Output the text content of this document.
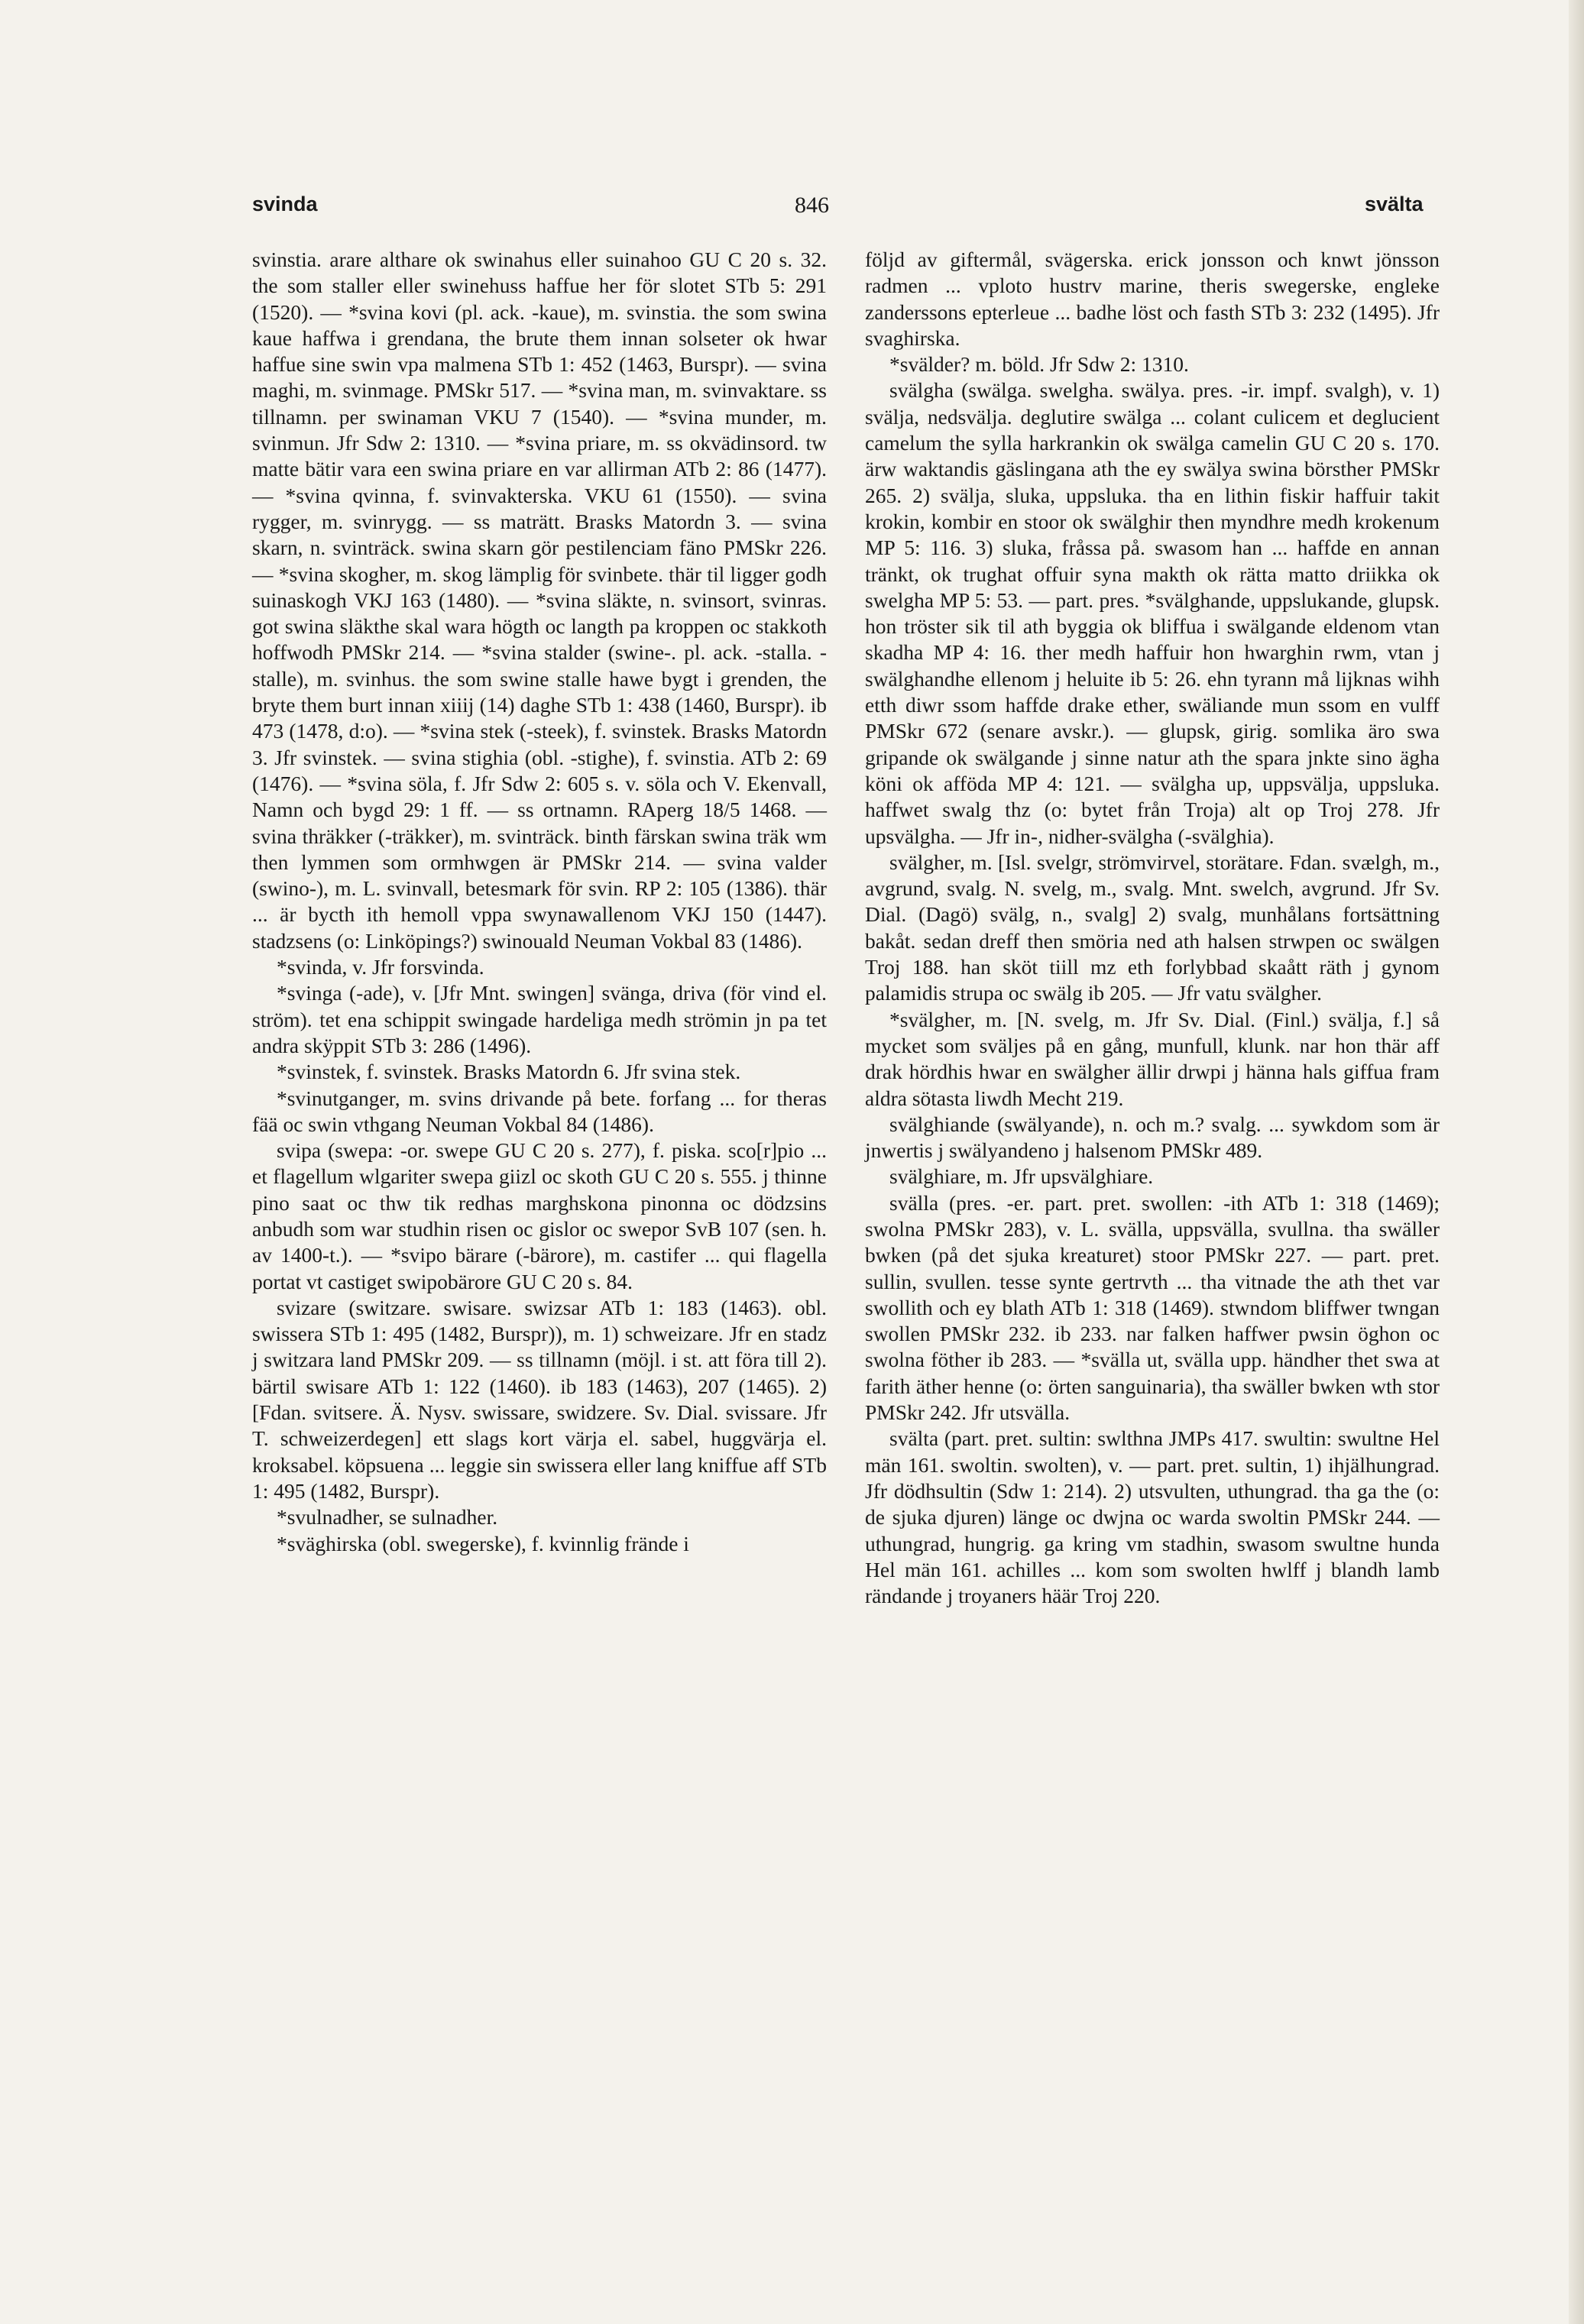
svinda	846	svälta

svinstia. arare althare ok swinahus eller suinahoo GU C 20 s. 32. the som staller eller swinehuss haffue her för slotet STb 5: 291 (1520). — *svina kovi (pl. ack. -kaue), m. svinstia. the som swina kaue haffwa i grendana, the brute them innan solseter ok hwar haffue sine swin vpa malmena STb 1: 452 (1463, Burspr). — svina maghi, m. svinmage. PMSkr 517. — *svina man, m. svinvaktare. ss tillnamn. per swinaman VKU 7 (1540). — *svina munder, m. svinmun. Jfr Sdw 2: 1310. — *svina priare, m. ss okvädinsord. tw matte bätir vara een swina priare en var allirman ATb 2: 86 (1477). — *svina qvinna, f. svinvakterska. VKU 61 (1550). — svina rygger, m. svinrygg. — ss maträtt. Brasks Matordn 3. — svina skarn, n. svinträck. swina skarn gör pestilenciam fäno PMSkr 226. — *svina skogher, m. skog lämplig för svinbete. thär til ligger godh suinaskogh VKJ 163 (1480). — *svina släkte, n. svinsort, svinras. got swina släkthe skal wara högth oc langth pa kroppen oc stakkoth hoffwodh PMSkr 214. — *svina stalder (swine-. pl. ack. -stalla. -stalle), m. svinhus. the som swine stalle hawe bygt i grenden, the bryte them burt innan xiiij (14) daghe STb 1: 438 (1460, Burspr). ib 473 (1478, d:o). — *svina stek (-steek), f. svinstek. Brasks Matordn 3. Jfr svinstek. — svina stighia (obl. -stighe), f. svinstia. ATb 2: 69 (1476). — *svina söla, f. Jfr Sdw 2: 605 s. v. söla och V. Ekenvall, Namn och bygd 29: 1 ff. — ss ortnamn. RAperg 18/5 1468. — svina thräkker (-träkker), m. svinträck. binth färskan swina träk wm then lymmen som ormhwgen är PMSkr 214. — svina valder (swino-), m. L. svinvall, betesmark för svin. RP 2: 105 (1386). thär ... är bycth ith hemoll vppa swynawallenom VKJ 150 (1447). stadzsens (o: Linköpings?) swinouald Neuman Vokbal 83 (1486).

*svinda, v. Jfr forsvinda.

*svinga (-ade), v. [Jfr Mnt. swingen] svänga, driva (för vind el. ström). tet ena schippit swingade hardeliga medh strömin jn pa tet andra skÿppit STb 3: 286 (1496).

*svinstek, f. svinstek. Brasks Matordn 6. Jfr svina stek.

*svinutganger, m. svins drivande på bete. forfang ... for theras fää oc swin vthgang Neuman Vokbal 84 (1486).

svipa (swepa: -or. swepe GU C 20 s. 277), f. piska. sco[r]pio ... et flagellum wlgariter swepa giizl oc skoth GU C 20 s. 555. j thinne pino saat oc thw tik redhas marghskona pinonna oc dödzsins anbudh som war studhin risen oc gislor oc swepor SvB 107 (sen. h. av 1400-t.). — *svipo bärare (-bärore), m. castifer ... qui flagella portat vt castiget swipobärore GU C 20 s. 84.

svizare (switzare. swisare. swizsar ATb 1: 183 (1463). obl. swissera STb 1: 495 (1482, Burspr)), m. 1) schweizare. Jfr en stadz j switzara land PMSkr 209. — ss tillnamn (möjl. i st. att föra till 2). bärtil swisare ATb 1: 122 (1460). ib 183 (1463), 207 (1465). 2) [Fdan. svitsere. Ä. Nysv. swissare, swidzere. Sv. Dial. svissare. Jfr T. schweizerdegen] ett slags kort värja el. sabel, huggvärja el. kroksabel. köpsuena ... leggie sin swissera eller lang kniffue aff STb 1: 495 (1482, Burspr).

*svulnadher, se sulnadher.

*sväghirska (obl. swegerske), f. kvinnlig frände i

följd av giftermål, svägerska. erick jonsson och knwt jönsson radmen ... vploto hustrv marine, theris swegerske, engleke zanderssons epterleue ... badhe löst och fasth STb 3: 232 (1495). Jfr svaghirska.

*svälder? m. böld. Jfr Sdw 2: 1310.

svälgha (swälga. swelgha. swälya. pres. -ir. impf. svalgh), v. 1) svälja, nedsvälja. deglutire swälga ... colant culicem et deglucient camelum the sylla harkrankin ok swälga camelin GU C 20 s. 170. ärw waktandis gäslingana ath the ey swälya swina börsther PMSkr 265. 2) svälja, sluka, uppsluka. tha en lithin fiskir haffuir takit krokin, kombir en stoor ok swälghir then myndhre medh krokenum MP 5: 116. 3) sluka, fråssa på. swasom han ... haffde en annan tränkt, ok trughat offuir syna makth ok rätta matto driikka ok swelgha MP 5: 53. — part. pres. *svälghande, uppslukande, glupsk. hon tröster sik til ath byggia ok bliffua i swälgande eldenom vtan skadha MP 4: 16. ther medh haffuir hon hwarghin rwm, vtan j swälghandhe ellenom j heluite ib 5: 26. ehn tyrann må lijknas wihh etth diwr ssom haffde drake ether, swäliande mun ssom en vulff PMSkr 672 (senare avskr.). — glupsk, girig. somlika äro swa gripande ok swälgande j sinne natur ath the spara jnkte sino ägha köni ok afföda MP 4: 121. — svälgha up, uppsvälja, uppsluka. haffwet swalg thz (o: bytet från Troja) alt op Troj 278. Jfr upsvälgha. — Jfr in-, nidher-svälgha (-svälghia).

svälgher, m. [Isl. svelgr, strömvirvel, storätare. Fdan. svælgh, m., avgrund, svalg. N. svelg, m., svalg. Mnt. swelch, avgrund. Jfr Sv. Dial. (Dagö) svälg, n., svalg] 2) svalg, munhålans fortsättning bakåt. sedan dreff then smöria ned ath halsen strwpen oc swälgen Troj 188. han sköt tiill mz eth forlybbad skaått räth j gynom palamidis strupa oc swälg ib 205. — Jfr vatu svälgher.

*svälgher, m. [N. svelg, m. Jfr Sv. Dial. (Finl.) svälja, f.] så mycket som sväljes på en gång, munfull, klunk. nar hon thär aff drak hördhis hwar en swälgher ällir drwpi j hänna hals giffua fram aldra sötasta liwdh Mecht 219.

svälghiande (swälyande), n. och m.? svalg. ... sywkdom som är jnwertis j swälyandeno j halsenom PMSkr 489.

svälghiare, m. Jfr upsvälghiare.

svälla (pres. -er. part. pret. swollen: -ith ATb 1: 318 (1469); swolna PMSkr 283), v. L. svälla, uppsvälla, svullna. tha swäller bwken (på det sjuka kreaturet) stoor PMSkr 227. — part. pret. sullin, svullen. tesse synte gertrvth ... tha vitnade the ath thet var swollith och ey blath ATb 1: 318 (1469). stwndom bliffwer twngan swollen PMSkr 232. ib 233. nar falken haffwer pwsin öghon oc swolna föther ib 283. — *svälla ut, svälla upp. händher thet swa at farith äther henne (o: örten sanguinaria), tha swäller bwken wth stor PMSkr 242. Jfr utsvälla.

svälta (part. pret. sultin: swlthna JMPs 417. swultin: swultne Hel män 161. swoltin. swolten), v. — part. pret. sultin, 1) ihjälhungrad. Jfr dödhsultin (Sdw 1: 214). 2) utsvulten, uthungrad. tha ga the (o: de sjuka djuren) länge oc dwjna oc warda swoltin PMSkr 244. — uthungrad, hungrig. ga kring vm stadhin, swasom swultne hunda Hel män 161. achilles ... kom som swolten hwlff j blandh lamb rändande j troyaners häär Troj 220.
